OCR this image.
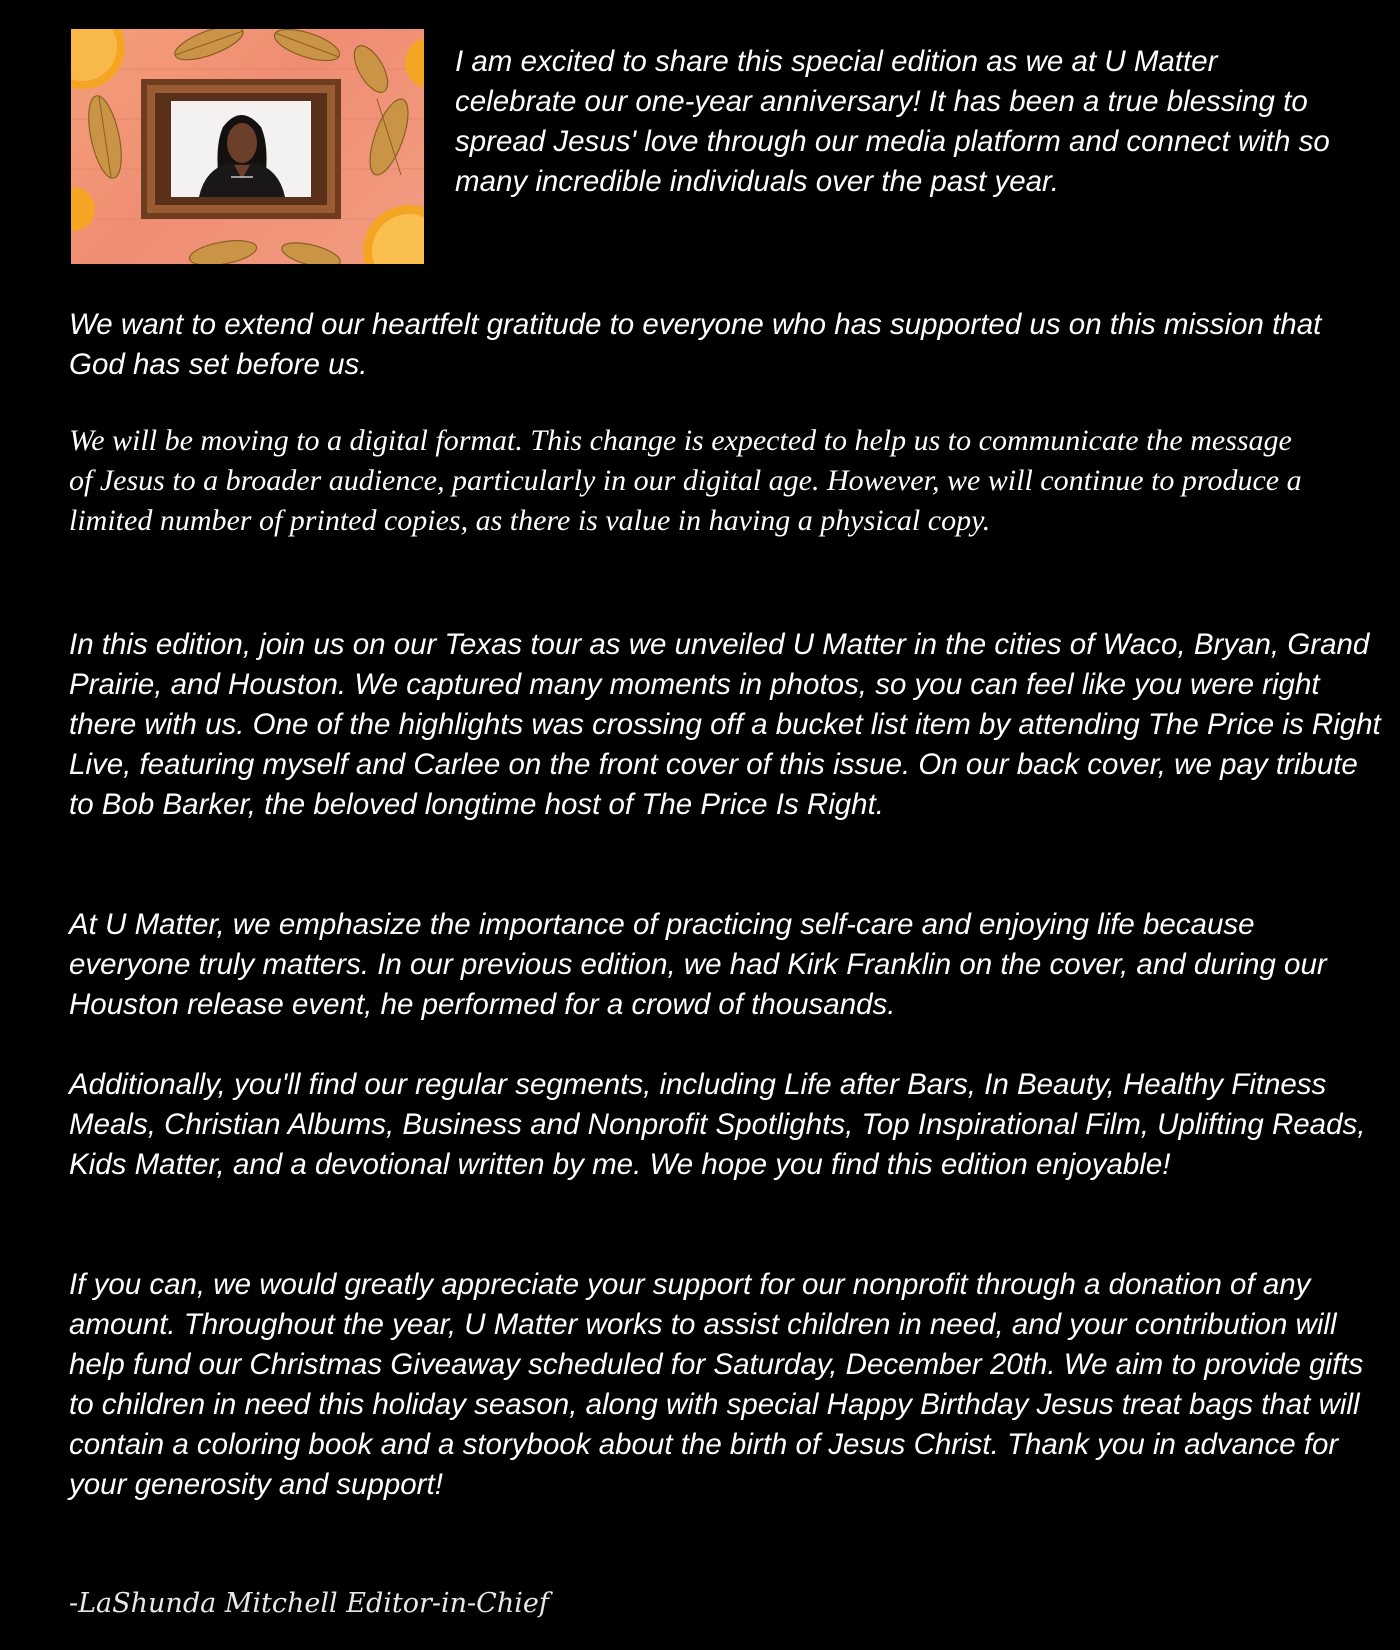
I am excited to share this special edition as we at U Matter celebrate our one-year anniversary! It has been a true blessing to spread Jesus' love through our media platform and connect with so many incredible individuals over the past year.

We want to extend our heartfelt gratitude to everyone who has supported us on this mission that God has set before us.

We will be moving to a digital format. This change is expected to help us to communicate the message of Jesus to a broader audience, particularly in our digital age. However, we will continue to produce a limited number of printed copies, as there is value in having a physical copy.

In this edition, join us on our Texas tour as we unveiled U Matter in the cities of Waco, Bryan, Grand Prairie, and Houston. We captured many moments in photos, so you can feel like you were right there with us. One of the highlights was crossing off a bucket list item by attending The Price is Right Live, featuring myself and Carlee on the front cover of this issue. On our back cover, we pay tribute to Bob Barker, the beloved longtime host of The Price Is Right.

At U Matter, we emphasize the importance of practicing self-care and enjoying life because everyone truly matters. In our previous edition, we had Kirk Franklin on the cover, and during our Houston release event, he performed for a crowd of thousands.

Additionally, you'll find our regular segments, including Life after Bars, In Beauty, Healthy Fitness Meals, Christian Albums, Business and Nonprofit Spotlights, Top Inspirational Film, Uplifting Reads, Kids Matter, and a devotional written by me. We hope you find this edition enjoyable!

If you can, we would greatly appreciate your support for our nonprofit through a donation of any amount. Throughout the year, U Matter works to assist children in need, and your contribution will help fund our Christmas Giveaway scheduled for Saturday, December 20th. We aim to provide gifts to children in need this holiday season, along with special Happy Birthday Jesus treat bags that will contain a coloring book and a storybook about the birth of Jesus Christ. Thank you in advance for your generosity and support!

-LaShunda Mitchell Editor-in-Chief
